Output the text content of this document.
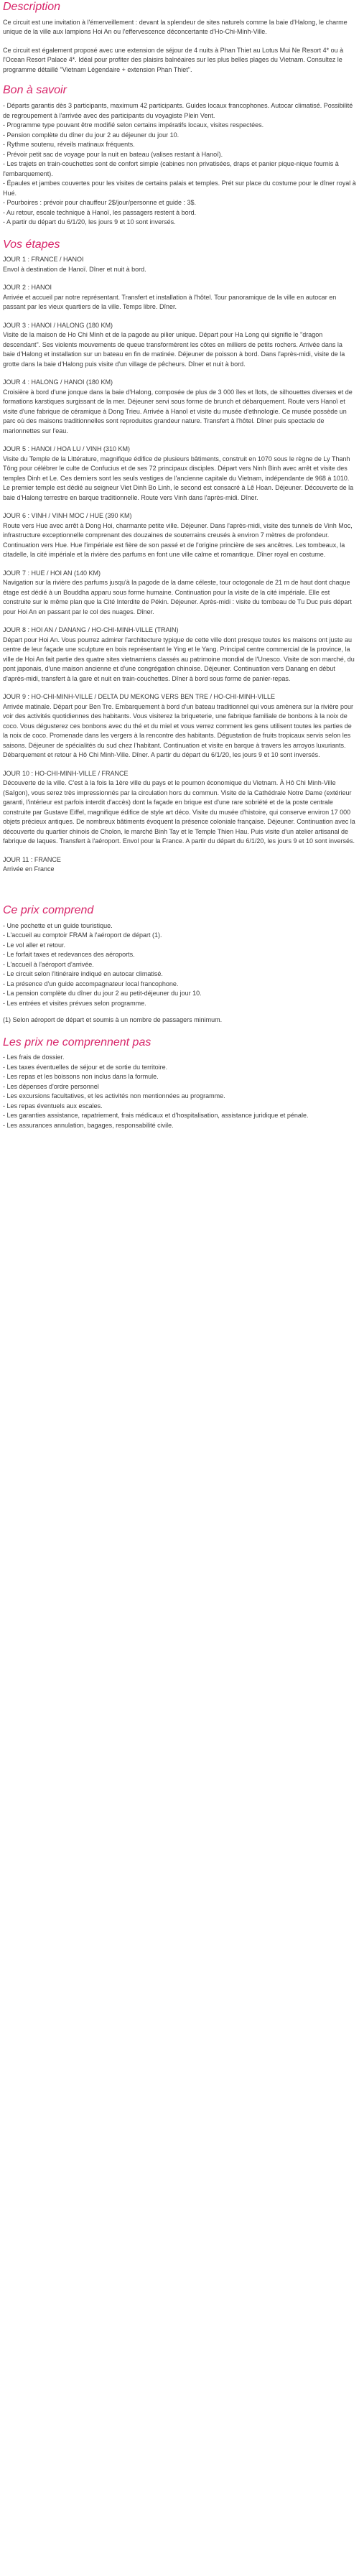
Description

Ce circuit est une invitation à l'émerveillement : devant la splendeur de sites naturels comme la baie d'Halong, le charme unique de la ville aux lampions Hoi An ou l'effervescence déconcertante d'Ho-Chi-Minh-Ville.

Ce circuit est également proposé avec une extension de séjour de 4 nuits à Phan Thiet au Lotus Mui Ne Resort 4* ou à l'Ocean Resort Palace 4*. Idéal pour profiter des plaisirs balnéaires sur les plus belles plages du Vietnam. Consultez le programme détaillé "Vietnam Légendaire + extension Phan Thiet".

Bon à savoir

- Départs garantis dès 3 participants, maximum 42 participants. Guides locaux francophones. Autocar climatisé. Possibilité de regroupement à l'arrivée avec des participants du voyagiste Plein Vent.

- Programme type pouvant être modifié selon certains impératifs locaux, visites respectées.

- Pension complète du dîner du jour 2 au déjeuner du jour 10.

- Rythme soutenu, réveils matinaux fréquents.

- Prévoir petit sac de voyage pour la nuit en bateau (valises restant à Hanoï).

- Les trajets en train-couchettes sont de confort simple (cabines non privatisées, draps et panier pique-nique fournis à l'embarquement).

- Épaules et jambes couvertes pour les visites de certains palais et temples. Prét sur place du costume pour le dîner royal à Hué.

- Pourboires : prévoir pour chauffeur 2$/jour/personne et guide : 3$.

- Au retour, escale technique à Hanoï, les passagers restent à bord.

- A partir du départ du 6/1/20, les jours 9 et 10 sont inversés.

Vos étapes

JOUR 1 : FRANCE / HANOI

Envol à destination de Hanoï. Dîner et nuit à bord.

JOUR 2 : HANOI

Arrivée et accueil par notre représentant. Transfert et installation à l'hôtel. Tour panoramique de la ville en autocar en passant par les vieux quartiers de la ville. Temps libre. Dîner.

JOUR 3 : HANOI / HALONG (180 KM)

Visite de la maison de Ho Chi Minh et de la pagode au pilier unique. Départ pour Ha Long qui signifie le "dragon descendant". Ses violents mouvements de queue transformèrent les côtes en milliers de petits rochers. Arrivée dans la baie d'Halong et installation sur un bateau en fin de matinée. Déjeuner de poisson à bord. Dans l'après-midi, visite de la grotte dans la baie d'Halong puis visite d'un village de pêcheurs. Dîner et nuit à bord.

JOUR 4 : HALONG / HANOI (180 KM)

Croisière à bord d'une jonque dans la baie d'Halong, composée de plus de 3 000 îles et îlots, de silhouettes diverses et de formations karstiques surgissant de la mer. Déjeuner servi sous forme de brunch et débarquement. Route vers Hanoï et visite d'une fabrique de céramique à Dong Trieu. Arrivée à Hanoï et visite du musée d'ethnologie. Ce musée possède un parc où des maisons traditionnelles sont reproduites grandeur nature. Transfert à l'hôtel. Dîner puis spectacle de marionnettes sur l'eau.

JOUR 5 : HANOI / HOA LU / VINH (310 KM)

Visite du Temple de la Littérature, magnifique édifice de plusieurs bâtiments, construit en 1070 sous le règne de Ly Thanh Tông pour célébrer le culte de Confucius et de ses 72 principaux disciples. Départ vers Ninh Binh avec arrêt et visite des temples Dinh et Le. Ces derniers sont les seuls vestiges de l'ancienne capitale du Vietnam, indépendante de 968 à 1010. Le premier temple est dédié au seigneur Viet Dinh Bo Linh, le second est consacré à Lê Hoan. Déjeuner. Découverte de la baie d'Halong terrestre en barque traditionnelle. Route vers Vinh dans l'après-midi. Dîner.

JOUR 6 : VINH / VINH MOC / HUE (390 KM)

Route vers Hue avec arrêt à Dong Hoi, charmante petite ville. Déjeuner. Dans l'après-midi, visite des tunnels de Vinh Moc, infrastructure exceptionnelle comprenant des douzaines de souterrains creusés à environ 7 mètres de profondeur. Continuation vers Hue. Hue l'impériale est fière de son passé et de l'origine princière de ses ancêtres. Les tombeaux, la citadelle, la cité impériale et la rivière des parfums en font une ville calme et romantique. Dîner royal en costume.

JOUR 7 : HUE / HOI AN (140 KM)

Navigation sur la rivière des parfums jusqu'à la pagode de la dame céleste, tour octogonale de 21 m de haut dont chaque étage est dédié à un Bouddha apparu sous forme humaine. Continuation pour la visite de la cité impériale. Elle est construite sur le même plan que la Cité Interdite de Pékin. Déjeuner. Après-midi : visite du tombeau de Tu Duc puis départ pour Hoi An en passant par le col des nuages. Dîner.

JOUR 8 : HOI AN / DANANG / HO-CHI-MINH-VILLE (TRAIN)

Départ pour Hoi An. Vous pourrez admirer l'architecture typique de cette ville dont presque toutes les maisons ont juste au centre de leur façade une sculpture en bois représentant le Ying et le Yang. Principal centre commercial de la province, la ville de Hoi An fait partie des quatre sites vietnamiens classés au patrimoine mondial de l'Unesco. Visite de son marché, du pont japonais, d'une maison ancienne et d'une congrégation chinoise. Déjeuner. Continuation vers Danang en début d'après-midi, transfert à la gare et nuit en train-couchettes. Dîner à bord sous forme de panier-repas.

JOUR 9 : HO-CHI-MINH-VILLE / DELTA DU MEKONG VERS BEN TRE / HO-CHI-MINH-VILLE

Arrivée matinale. Départ pour Ben Tre. Embarquement à bord d'un bateau traditionnel qui vous amènera sur la rivière pour voir des activités quotidiennes des habitants. Vous visiterez la briqueterie, une fabrique familiale de bonbons à la noix de coco. Vous dégusterez ces bonbons avec du thé et du miel et vous verrez comment les gens utilisent toutes les parties de la noix de coco. Promenade dans les vergers à la rencontre des habitants. Dégustation de fruits tropicaux servis selon les saisons. Déjeuner de spécialités du sud chez l'habitant. Continuation et visite en barque à travers les arroyos luxuriants. Débarquement et retour à Hô Chi Minh-Ville. Dîner. A partir du départ du 6/1/20, les jours 9 et 10 sont inversés.

JOUR 10 : HO-CHI-MINH-VILLE / FRANCE

Découverte de la ville. C'est à la fois la 1ère ville du pays et le poumon économique du Vietnam. À Hô Chi Minh-Ville (Saïgon), vous serez très impressionnés par la circulation hors du commun. Visite de la Cathédrale Notre Dame (extérieur garanti, l'intérieur est parfois interdit d'accès) dont la façade en brique est d'une rare sobriété et de la poste centrale construite par Gustave Eiffel, magnifique édifice de style art déco. Visite du musée d'histoire, qui conserve environ 17 000 objets précieux antiques. De nombreux bâtiments évoquent la présence coloniale française. Déjeuner. Continuation avec la découverte du quartier chinois de Cholon, le marché Binh Tay et le Temple Thien Hau. Puis visite d'un atelier artisanal de fabrique de laques. Transfert à l'aéroport. Envol pour la France. A partir du départ du 6/1/20, les jours 9 et 10 sont inversés.

JOUR 11 : FRANCE

Arrivée en France

Ce prix comprend

- Une pochette et un guide touristique.

- L'accueil au comptoir FRAM à l'aéroport de départ (1).

- Le vol aller et retour.

- Le forfait taxes et redevances des aéroports.

- L'accueil à l'aéroport d'arrivée.

- Le circuit selon l'itinéraire indiqué en autocar climatisé.

- La présence d'un guide accompagnateur local francophone.

- La pension complète du dîner du jour 2 au petit-déjeuner du jour 10.

- Les entrées et visites prévues selon programme.

(1) Selon aéroport de départ et soumis à un nombre de passagers minimum.

Les prix ne comprennent pas

- Les frais de dossier.

- Les taxes éventuelles de séjour et de sortie du territoire.

- Les repas et les boissons non inclus dans la formule.

- Les dépenses d'ordre personnel

- Les excursions facultatives, et les activités non mentionnées au programme.

- Les repas éventuels aux escales.

- Les garanties assistance, rapatriement, frais médicaux et d'hospitalisation, assistance juridique et pénale.

- Les assurances annulation, bagages, responsabilité civile.
